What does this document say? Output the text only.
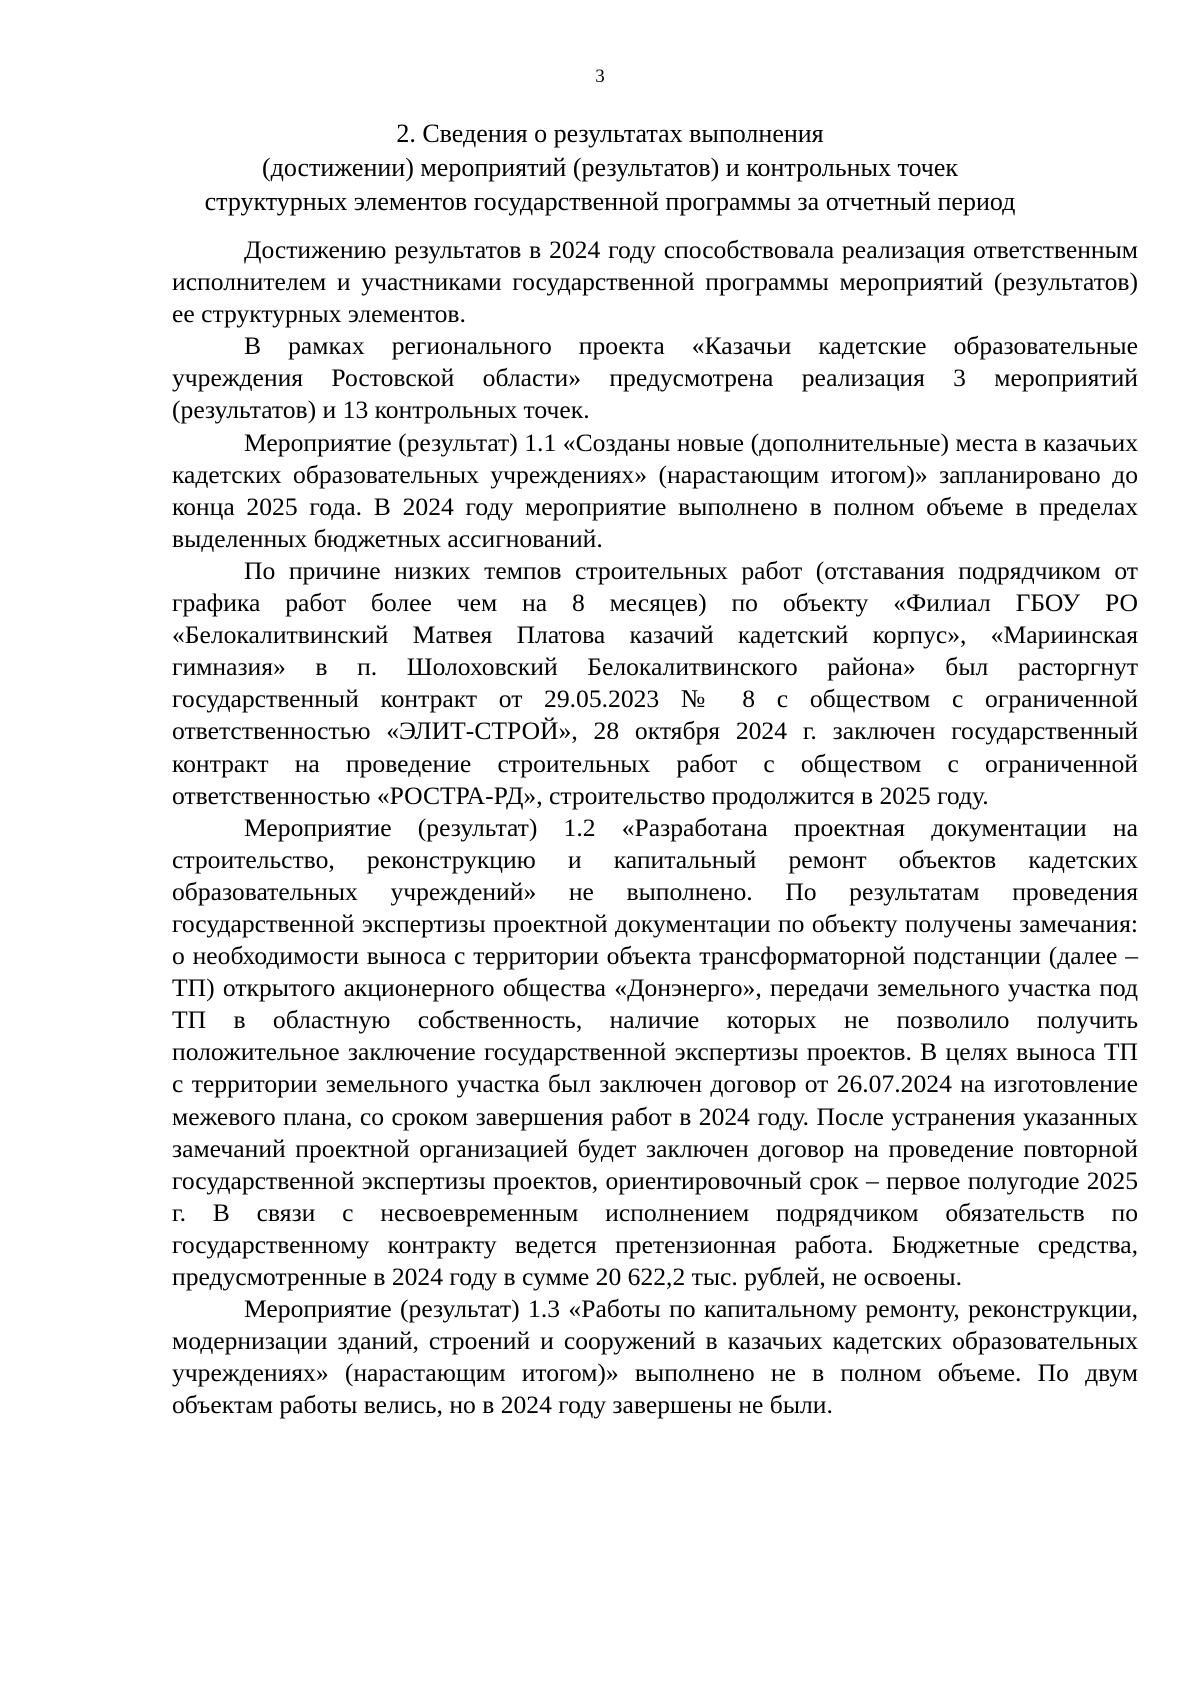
3
2. Сведения о результатах выполнения
(достижении) мероприятий (результатов) и контрольных точек
структурных элементов государственной программы за отчетный период

Достижению результатов в 2024 году способствовала реализация ответственным исполнителем и участниками государственной программы мероприятий (результатов) ее структурных элементов.

В рамках регионального проекта «Казачьи кадетские образовательные учреждения Ростовской области» предусмотрена реализация 3 мероприятий (результатов) и 13 контрольных точек.

Мероприятие (результат) 1.1 «Созданы новые (дополнительные) места в казачьих кадетских образовательных учреждениях» (нарастающим итогом)» запланировано до конца 2025 года. В 2024 году мероприятие выполнено в полном объеме в пределах выделенных бюджетных ассигнований.

По причине низких темпов строительных работ (отставания подрядчиком от графика работ более чем на 8 месяцев) по объекту «Филиал ГБОУ РО «Белокалитвинский Матвея Платова казачий кадетский корпус», «Мариинская гимназия» в п. Шолоховский Белокалитвинского района» был расторгнут государственный контракт от 29.05.2023 № 8 с обществом с ограниченной ответственностью «ЭЛИТ-СТРОЙ», 28 октября 2024 г. заключен государственный контракт на проведение строительных работ с обществом с ограниченной ответственностью «РОСТРА-РД», строительство продолжится в 2025 году.

Мероприятие (результат) 1.2 «Разработана проектная документации на строительство, реконструкцию и капитальный ремонт объектов кадетских образовательных учреждений» не выполнено. По результатам проведения государственной экспертизы проектной документации по объекту получены замечания: о необходимости выноса с территории объекта трансформаторной подстанции (далее – ТП) открытого акционерного общества «Донэнерго», передачи земельного участка под ТП в областную собственность, наличие которых не позволило получить положительное заключение государственной экспертизы проектов. В целях выноса ТП с территории земельного участка был заключен договор от 26.07.2024 на изготовление межевого плана, со сроком завершения работ в 2024 году. После устранения указанных замечаний проектной организацией будет заключен договор на проведение повторной государственной экспертизы проектов, ориентировочный срок – первое полугодие 2025 г. В связи с несвоевременным исполнением подрядчиком обязательств по государственному контракту ведется претензионная работа. Бюджетные средства, предусмотренные в 2024 году в сумме 20 622,2 тыс. рублей, не освоены.

Мероприятие (результат) 1.3 «Работы по капитальному ремонту, реконструкции, модернизации зданий, строений и сооружений в казачьих кадетских образовательных учреждениях» (нарастающим итогом)» выполнено не в полном объеме. По двум объектам работы велись, но в 2024 году завершены не были.
